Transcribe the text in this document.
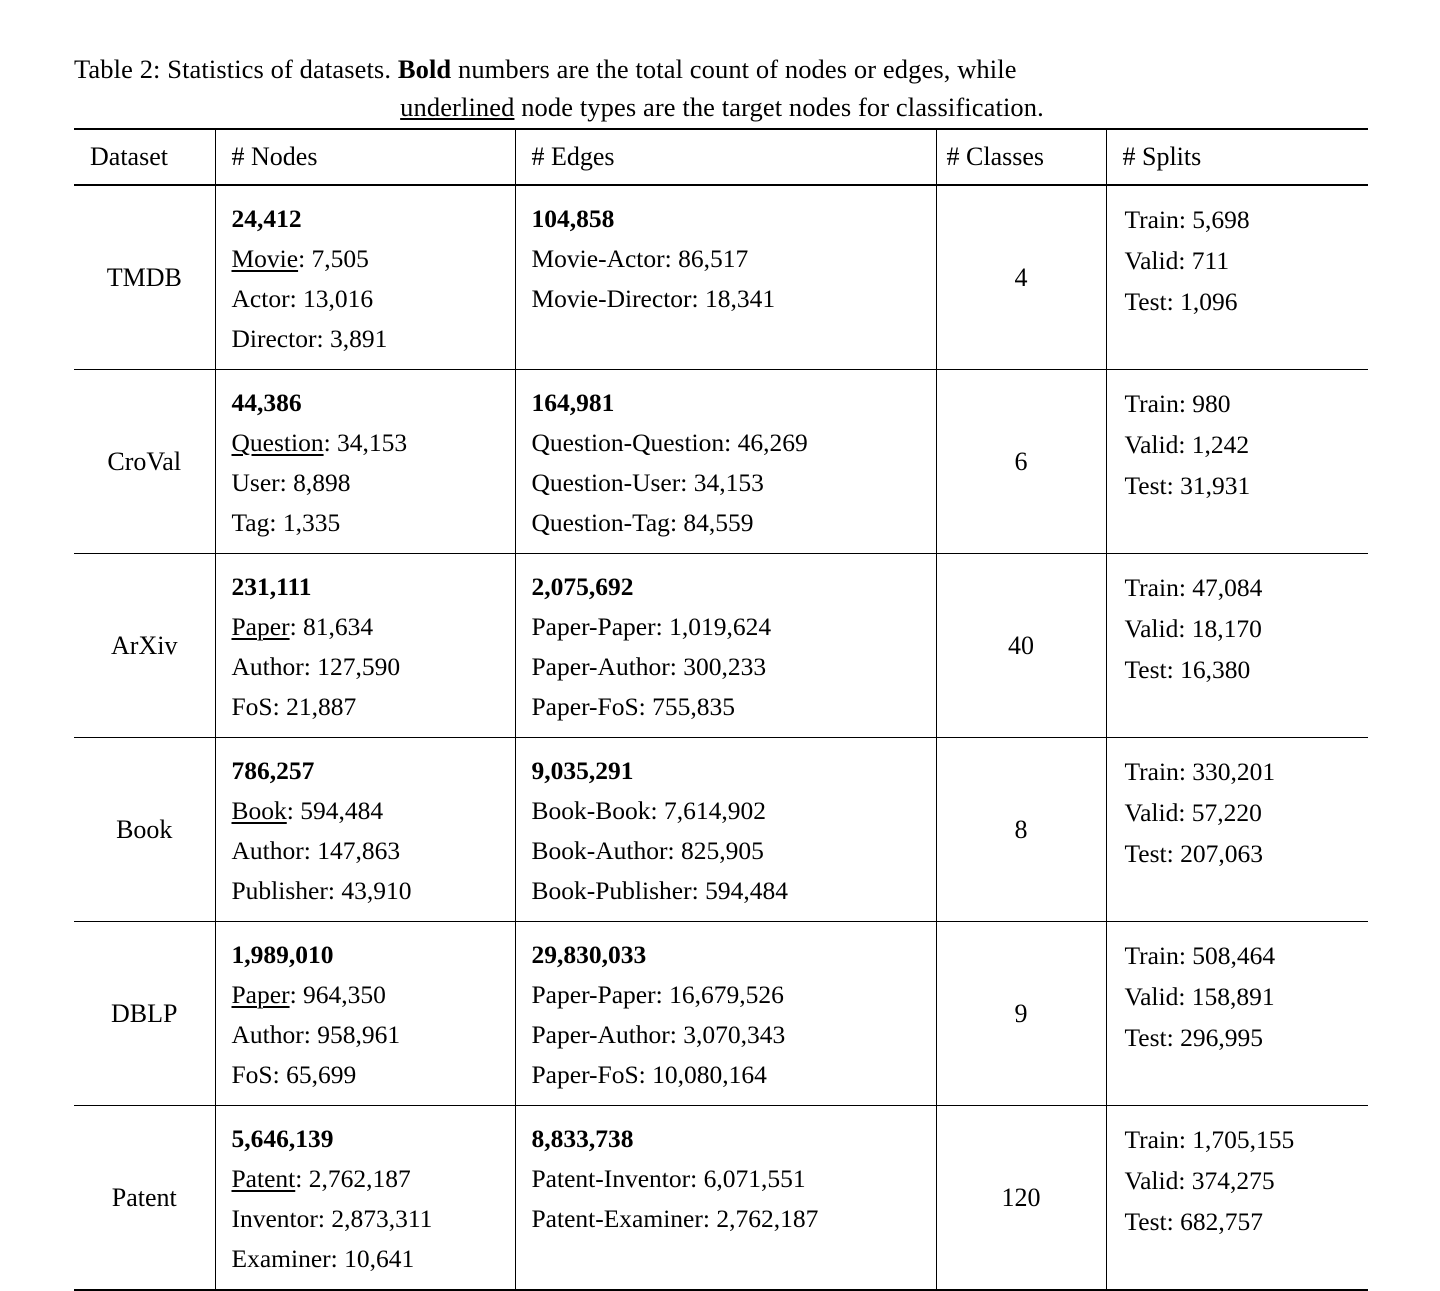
Table 2: Statistics of datasets. Bold numbers are the total count of nodes or edges, while
underlined node types are the target nodes for classification.
Dataset	# Nodes	# Edges	# Classes	# Splits
TMDB	24,412
Movie: 7,505
Actor: 13,016
Director: 3,891	104,858
Movie-Actor: 86,517
Movie-Director: 18,341	4	Train: 5,698
Valid: 711
Test: 1,096

CroVal	44,386
Question: 34,153
User: 8,898
Tag: 1,335	164,981
Question-Question: 46,269
Question-User: 34,153
Question-Tag: 84,559	6	Train: 980
Valid: 1,242
Test: 31,931

ArXiv	231,111
Paper: 81,634
Author: 127,590
FoS: 21,887	2,075,692
Paper-Paper: 1,019,624
Paper-Author: 300,233
Paper-FoS: 755,835	40	Train: 47,084
Valid: 18,170
Test: 16,380

Book	786,257
Book: 594,484
Author: 147,863
Publisher: 43,910	9,035,291
Book-Book: 7,614,902
Book-Author: 825,905
Book-Publisher: 594,484	8	Train: 330,201
Valid: 57,220
Test: 207,063

DBLP	1,989,010
Paper: 964,350
Author: 958,961
FoS: 65,699	29,830,033
Paper-Paper: 16,679,526
Paper-Author: 3,070,343
Paper-FoS: 10,080,164	9	Train: 508,464
Valid: 158,891
Test: 296,995

Patent	5,646,139
Patent: 2,762,187
Inventor: 2,873,311
Examiner: 10,641	8,833,738
Patent-Inventor: 6,071,551
Patent-Examiner: 2,762,187	120	Train: 1,705,155
Valid: 374,275
Test: 682,757
